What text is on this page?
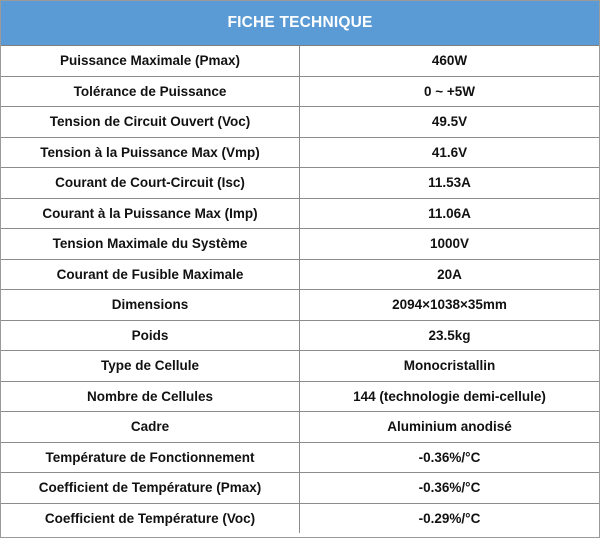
FICHE TECHNIQUE
Puissance Maximale (Pmax)	460W
Tolérance de Puissance	0 ~ +5W
Tension de Circuit Ouvert (Voc)	49.5V
Tension à la Puissance Max (Vmp)	41.6V
Courant de Court-Circuit (Isc)	11.53A
Courant à la Puissance Max (Imp)	11.06A
Tension Maximale du Système	1000V
Courant de Fusible Maximale	20A
Dimensions	2094×1038×35mm
Poids	23.5kg
Type de Cellule	Monocristallin
Nombre de Cellules	144 (technologie demi-cellule)
Cadre	Aluminium anodisé
Température de Fonctionnement	-0.36%/°C
Coefficient de Température (Pmax)	-0.36%/°C
Coefficient de Température (Voc)	-0.29%/°C
